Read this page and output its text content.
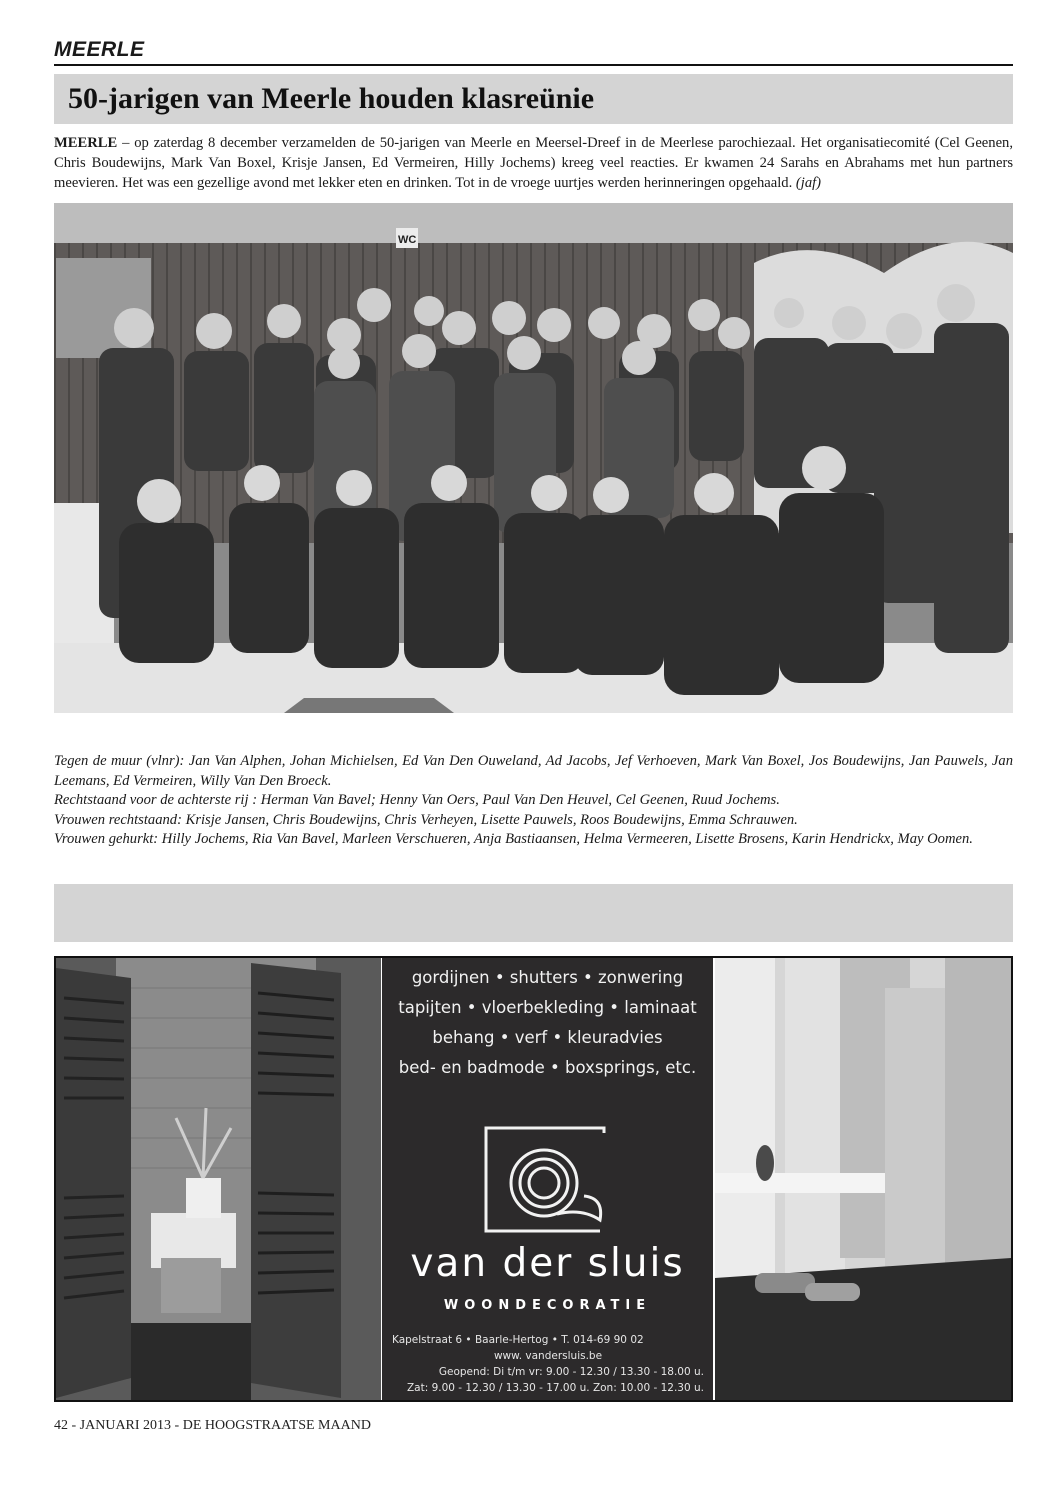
MEERLE
50-jarigen van Meerle houden klasreünie

MEERLE – op zaterdag 8 december verzamelden de 50-jarigen van Meerle en Meersel-Dreef in de Meerlese parochiezaal. Het organisatiecomité (Cel Geenen, Chris Boudewijns, Mark Van Boxel, Krisje Jansen, Ed Vermeiren, Hilly Jochems) kreeg veel reacties. Er kwamen 24 Sarahs en Abrahams met hun partners meevieren. Het was een gezellige avond met lekker eten en drinken. Tot in de vroege uurtjes werden herinneringen opgehaald. (jaf)

WC

Tegen de muur (vlnr): Jan Van Alphen, Johan Michielsen, Ed Van Den Ouweland, Ad Jacobs, Jef Verhoeven, Mark Van Boxel, Jos Boudewijns, Jan Pauwels, Jan Leemans, Ed Vermeiren, Willy Van Den Broeck.

Rechtstaand voor de achterste rij : Herman Van Bavel; Henny Van Oers, Paul Van Den Heuvel, Cel Geenen, Ruud Jochems.

Vrouwen rechtstaand: Krisje Jansen, Chris Boudewijns, Chris Verheyen, Lisette Pauwels, Roos Boudewijns, Emma Schrauwen.

Vrouwen gehurkt: Hilly Jochems, Ria Van Bavel, Marleen Verschueren, Anja Bastiaansen, Helma Vermeeren, Lisette Brosens, Karin Hendrickx, May Oomen.

gordijnen • shutters • zonwering
tapijten • vloerbekleding • laminaat
behang • verf • kleuradvies
bed- en badmode • boxsprings, etc.
van der sluis
WOONDECORATIE
Kapelstraat 6 • Baarle-Hertog • T. 014-69 90 02
www. vandersluis.be
Geopend: Di t/m vr: 9.00 - 12.30 / 13.30 - 18.00 u.
Zat: 9.00 - 12.30 / 13.30 - 17.00 u. Zon: 10.00 - 12.30 u.
42 - JANUARI 2013 - DE HOOGSTRAATSE MAAND
